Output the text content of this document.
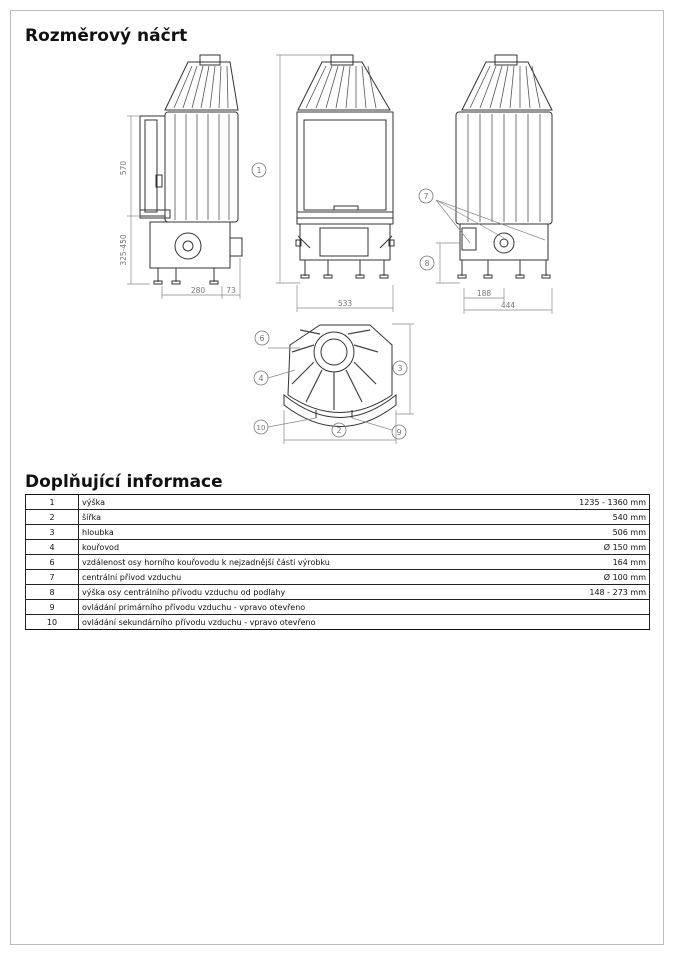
Rozměrový náčrt
570
325-450
280	73
1
533
7
8
188
444
2
3
4
6
9
10
Doplňující informace
1	výška	1235 - 1360 mm
2	šířka	540 mm
3	hloubka	506 mm
4	kouřovod	Ø 150 mm
6	vzdálenost osy horního kouřovodu k nejzadnější části výrobku	164 mm
7	centrální přívod vzduchu	Ø 100 mm
8	výška osy centrálního přívodu vzduchu od podlahy	148 - 273 mm
9	ovládání primárního přívodu vzduchu - vpravo otevřeno	
10	ovládání sekundárního přívodu vzduchu - vpravo otevřeno	
